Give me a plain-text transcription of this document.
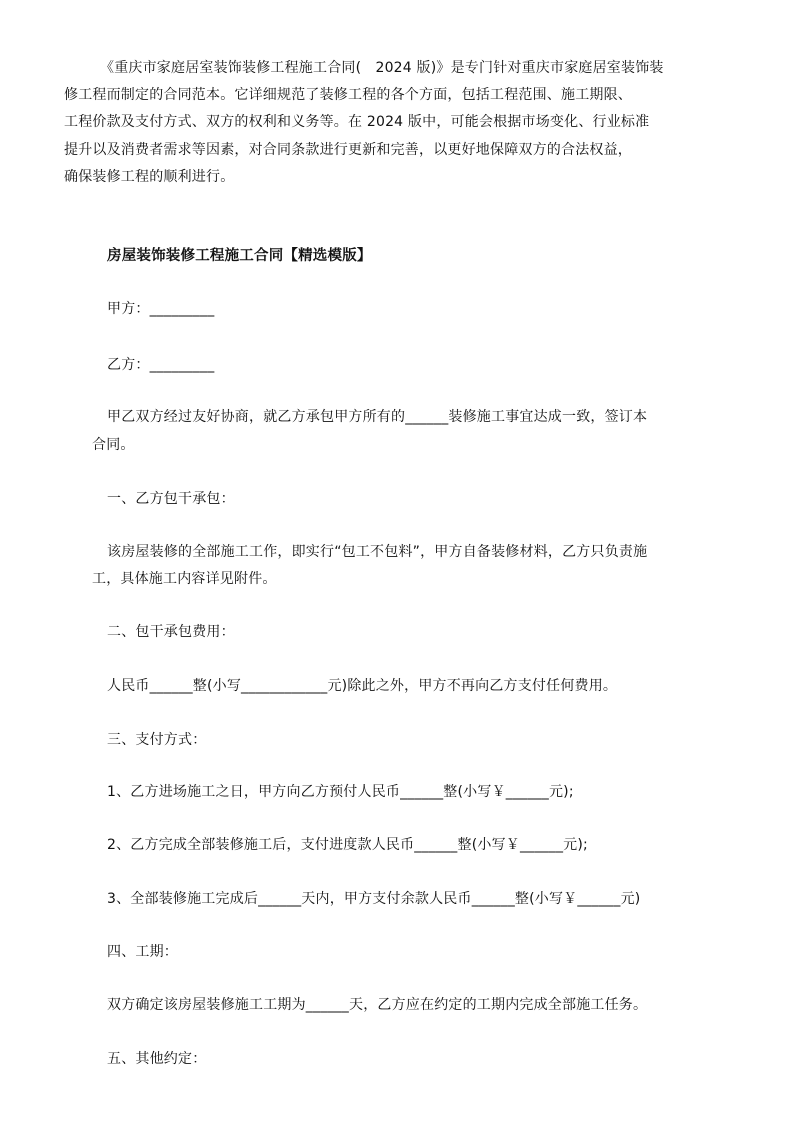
《重庆市家庭居室装饰装修工程施工合同(　2024 版)》是专门针对重庆市家庭居室装饰装
修工程而制定的合同范本。它详细规范了装修工程的各个方面，包括工程范围、施工期限、
工程价款及支付方式、双方的权利和义务等。在 2024 版中，可能会根据市场变化、行业标准
提升以及消费者需求等因素，对合同条款进行更新和完善，以更好地保障双方的合法权益，
确保装修工程的顺利进行。
房屋装饰装修工程施工合同【精选模版】
甲方：_________
乙方：_________
甲乙双方经过友好协商，就乙方承包甲方所有的______装修施工事宜达成一致，签订本
合同。
一、乙方包干承包：
该房屋装修的全部施工工作，即实行“包工不包料”，甲方自备装修材料，乙方只负责施
工，具体施工内容详见附件。
二、包干承包费用：
人民币______整(小写____________元)除此之外，甲方不再向乙方支付任何费用。
三、支付方式：
1、乙方进场施工之日，甲方向乙方预付人民币______整(小写￥______元);
2、乙方完成全部装修施工后，支付进度款人民币______整(小写￥______元);
3、全部装修施工完成后______天内，甲方支付余款人民币______整(小写￥______元)
四、工期：
双方确定该房屋装修施工工期为______天，乙方应在约定的工期内完成全部施工任务。
五、其他约定：
